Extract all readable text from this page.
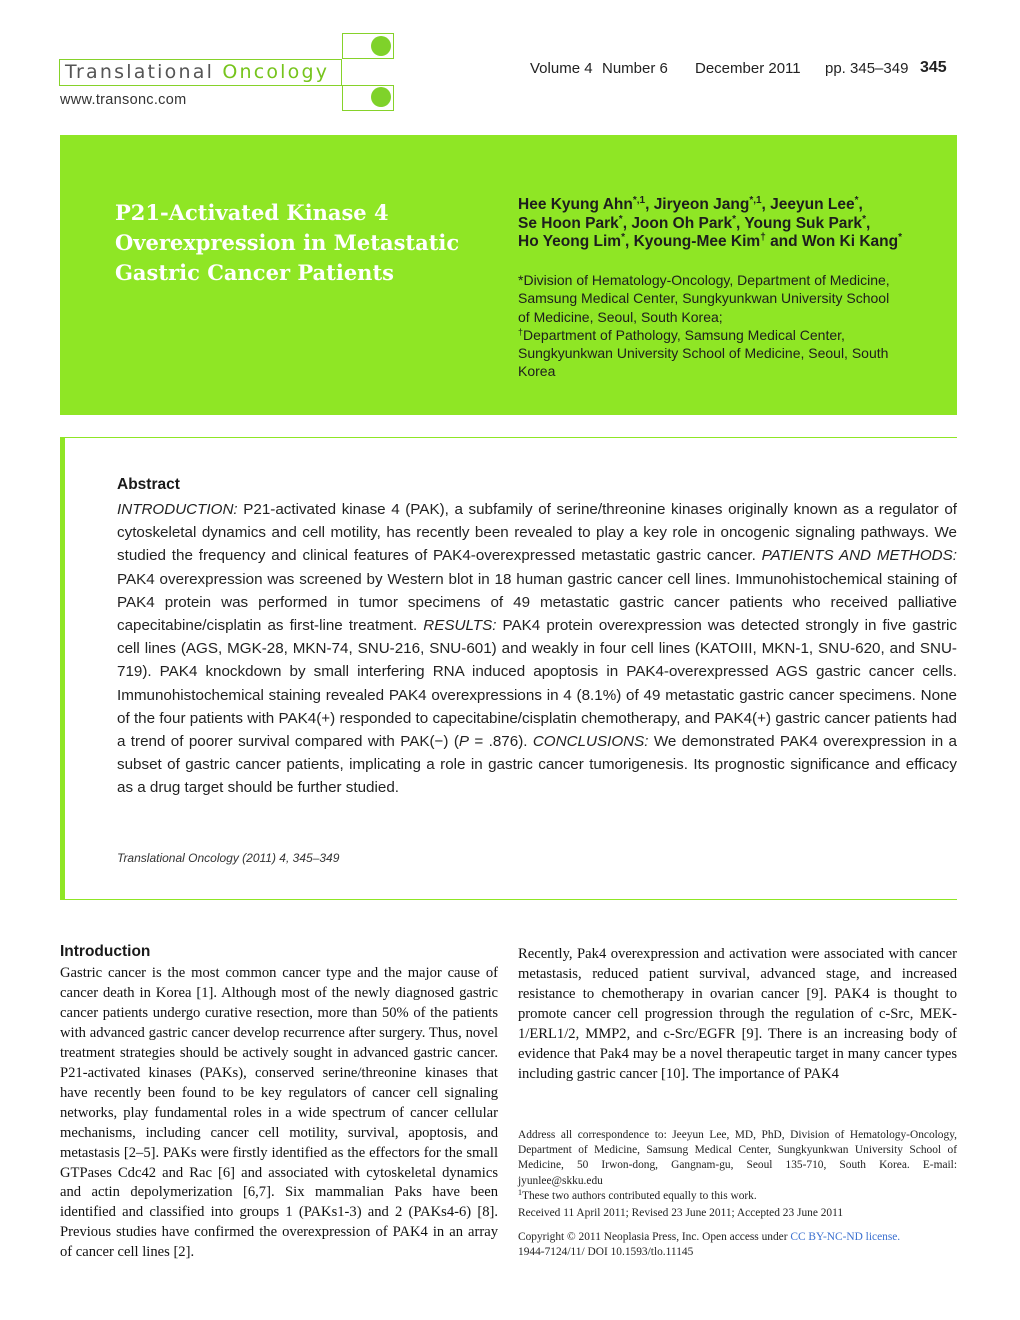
Translational Oncology
www.transonc.com
Volume 4 Number 6 December 2011 pp. 345–349 345
P21-Activated Kinase 4 Overexpression in Metastatic Gastric Cancer Patients
Hee Kyung Ahn$^{*,1}$, Jiryeon Jang$^{*,1}$, Jeeyun Lee*,
Se Hoon Park*, Joon Oh Park*, Young Suk Park*,
Ho Yeong Lim*, Kyoung-Mee Kim† and Won Ki Kang*
*Division of Hematology-Oncology, Department of Medicine, Samsung Medical Center, Sungkyunkwan University School of Medicine, Seoul, South Korea;
†Department of Pathology, Samsung Medical Center, Sungkyunkwan University School of Medicine, Seoul, South Korea
Abstract

INTRODUCTION: P21-activated kinase 4 (PAK), a subfamily of serine/threonine kinases originally known as a regulator of cytoskeletal dynamics and cell motility, has recently been revealed to play a key role in oncogenic signaling pathways. We studied the frequency and clinical features of PAK4-overexpressed metastatic gastric cancer. PATIENTS AND METHODS: PAK4 overexpression was screened by Western blot in 18 human gastric cancer cell lines. Immunohistochemical staining of PAK4 protein was performed in tumor specimens of 49 metastatic gastric cancer patients who received palliative capecitabine/cisplatin as first-line treatment. RESULTS: PAK4 protein overexpression was detected strongly in five gastric cell lines (AGS, MGK-28, MKN-74, SNU-216, SNU-601) and weakly in four cell lines (KATOIII, MKN-1, SNU-620, and SNU-719). PAK4 knockdown by small interfering RNA induced apoptosis in PAK4-overexpressed AGS gastric cancer cells. Immunohistochemical staining revealed PAK4 overexpressions in 4 (8.1%) of 49 metastatic gastric cancer specimens. None of the four patients with PAK4(+) responded to capecitabine/cisplatin chemotherapy, and PAK4(+) gastric cancer patients had a trend of poorer survival compared with PAK(−) (P = .876). CONCLUSIONS: We demonstrated PAK4 overexpression in a subset of gastric cancer patients, implicating a role in gastric cancer tumorigenesis. Its prognostic significance and efficacy as a drug target should be further studied.

Translational Oncology (2011) 4, 345–349
Introduction

Gastric cancer is the most common cancer type and the major cause of cancer death in Korea [1]. Although most of the newly diagnosed gastric cancer patients undergo curative resection, more than 50% of the patients with advanced gastric cancer develop recurrence after surgery. Thus, novel treatment strategies should be actively sought in advanced gastric cancer. P21-activated kinases (PAKs), conserved serine/threonine kinases that have recently been found to be key regulators of cancer cell signaling networks, play fundamental roles in a wide spectrum of cancer cellular mechanisms, including cancer cell motility, survival, apoptosis, and metastasis [2–5]. PAKs were firstly identified as the effectors for the small GTPases Cdc42 and Rac [6] and associated with cytoskeletal dynamics and actin depolymerization [6,7]. Six mammalian Paks have been identified and classified into groups 1 (PAKs1-3) and 2 (PAKs4-6) [8]. Previous studies have confirmed the overexpression of PAK4 in an array of cancer cell lines [2].

Recently, Pak4 overexpression and activation were associated with cancer metastasis, reduced patient survival, advanced stage, and increased resistance to chemotherapy in ovarian cancer [9]. PAK4 is thought to promote cancer cell progression through the regulation of c-Src, MEK-1/ERL1/2, MMP2, and c-Src/EGFR [9]. There is an increasing body of evidence that Pak4 may be a novel therapeutic target in many cancer types including gastric cancer [10]. The importance of PAK4

Address all correspondence to: Jeeyun Lee, MD, PhD, Division of Hematology-Oncology, Department of Medicine, Samsung Medical Center, Sungkyunkwan University School of Medicine, 50 Irwon-dong, Gangnam-gu, Seoul 135-710, South Korea. E-mail: jyunlee@skku.edu

$^1$These two authors contributed equally to this work.
Received 11 April 2011; Revised 23 June 2011; Accepted 23 June 2011
Copyright © 2011 Neoplasia Press, Inc. Open access under CC BY-NC-ND license.
1944-7124/11/ DOI 10.1593/tlo.11145
